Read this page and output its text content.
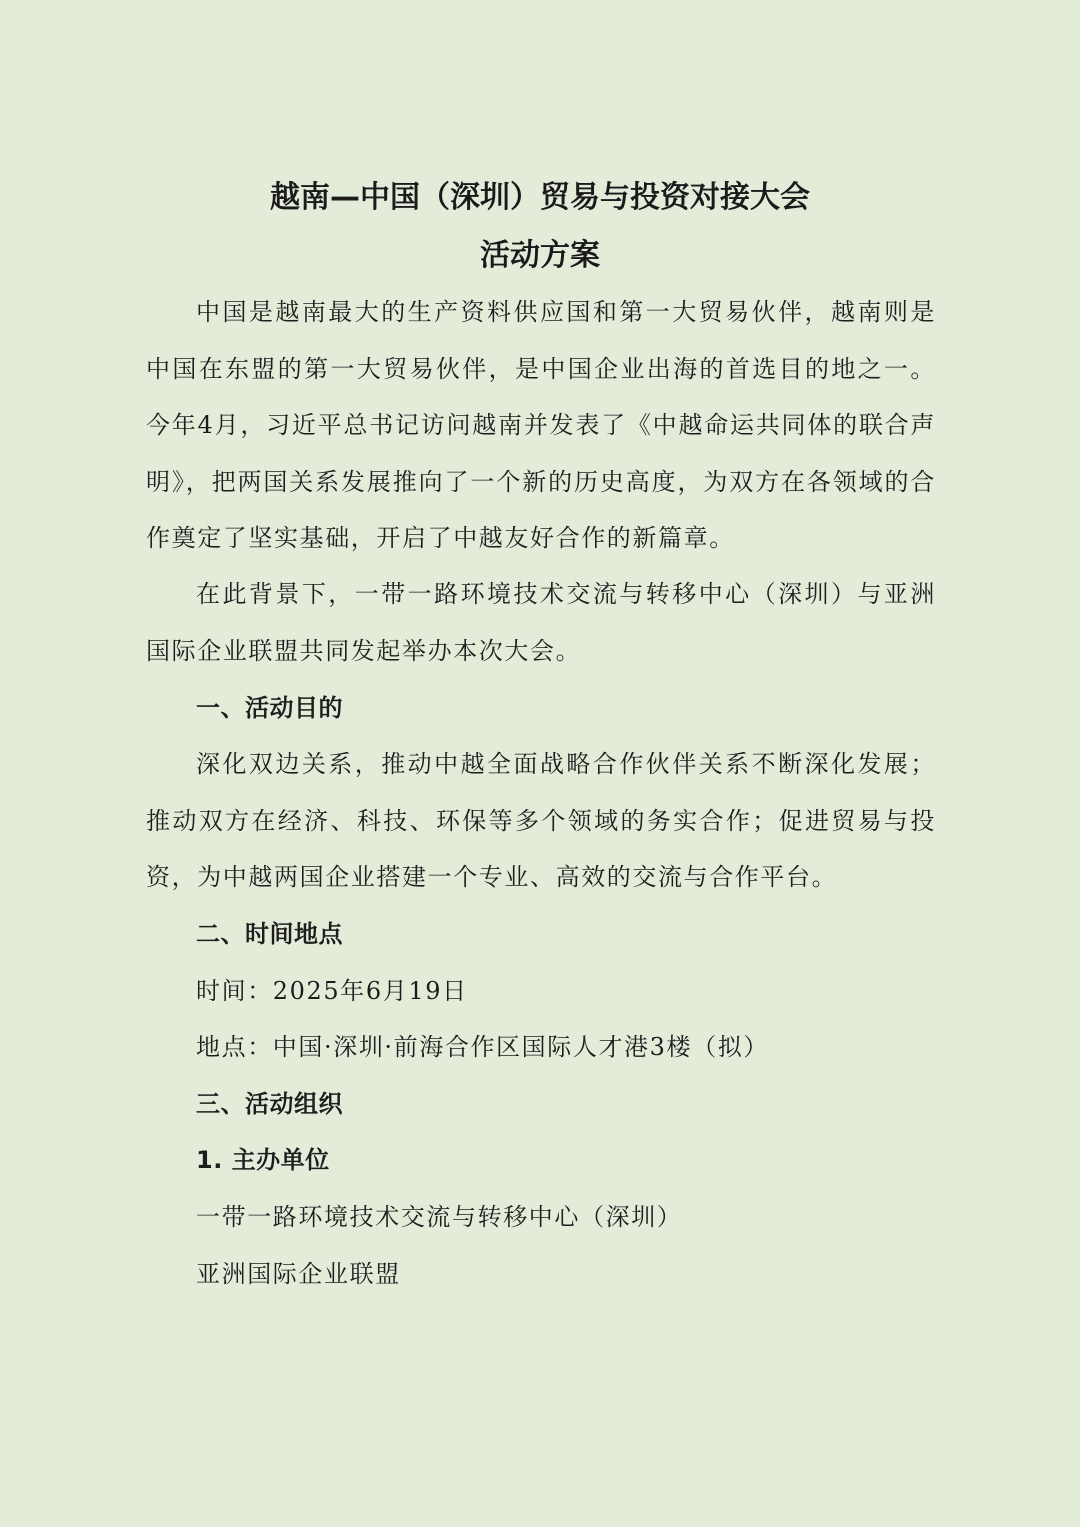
越南—中国（深圳）贸易与投资对接大会
活动方案

中国是越南最大的生产资料供应国和第一大贸易伙伴，越南则是中国在东盟的第一大贸易伙伴，是中国企业出海的首选目的地之一。今年4月，习近平总书记访问越南并发表了《中越命运共同体的联合声明》，把两国关系发展推向了一个新的历史高度，为双方在各领域的合作奠定了坚实基础，开启了中越友好合作的新篇章。

在此背景下，一带一路环境技术交流与转移中心（深圳）与亚洲国际企业联盟共同发起举办本次大会。

一、活动目的

深化双边关系，推动中越全面战略合作伙伴关系不断深化发展；推动双方在经济、科技、环保等多个领域的务实合作；促进贸易与投资，为中越两国企业搭建一个专业、高效的交流与合作平台。

二、时间地点
时间：2025年6月19日
地点：中国·深圳·前海合作区国际人才港3楼（拟）
三、活动组织
1. 主办单位
一带一路环境技术交流与转移中心（深圳）
亚洲国际企业联盟
